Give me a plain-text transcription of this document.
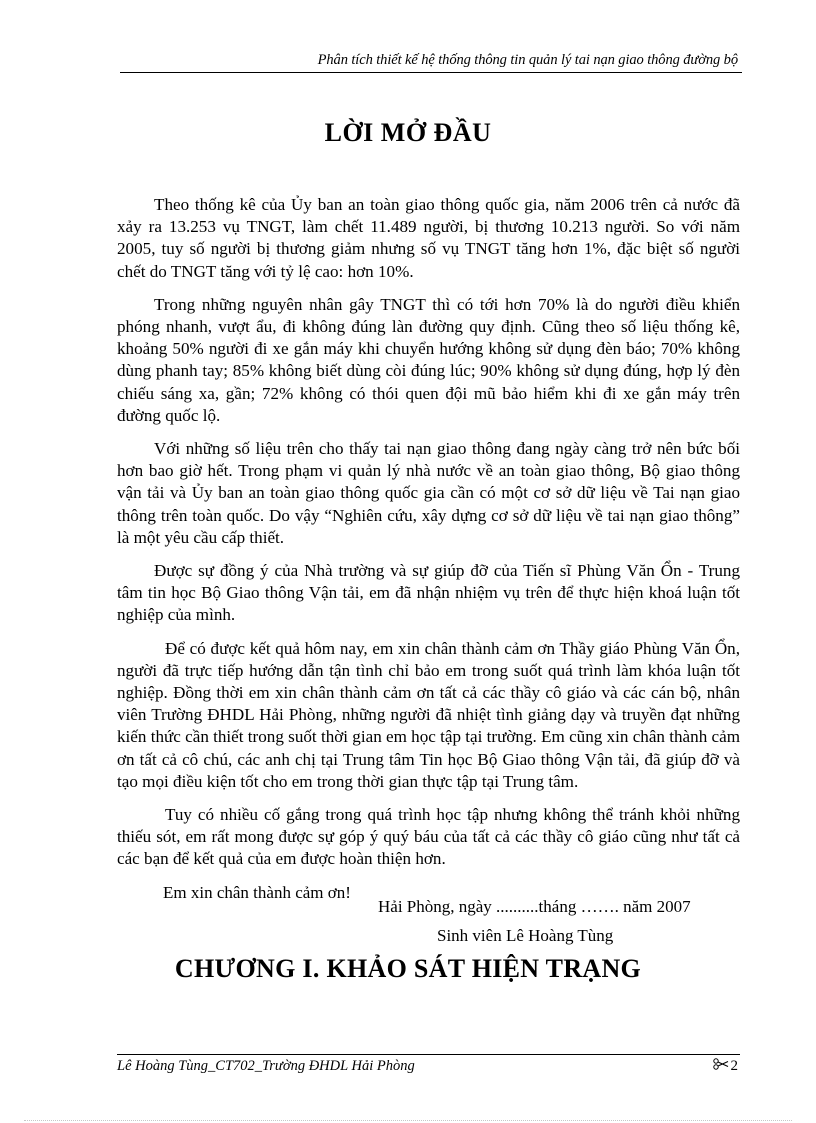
Phân tích thiết kế hệ thống thông tin quản lý tai nạn giao thông đường bộ
LỜI MỞ ĐẦU

Theo thống kê của Ủy ban an toàn giao thông quốc gia, năm 2006 trên cả nước đã xảy ra 13.253 vụ TNGT, làm chết 11.489 người, bị thương 10.213 người. So với năm 2005, tuy số người bị thương giảm nhưng số vụ TNGT tăng hơn 1%, đặc biệt số người chết do TNGT tăng với tỷ lệ cao: hơn 10%.

Trong những nguyên nhân gây TNGT thì có tới hơn 70% là do người điều khiển phóng nhanh, vượt ẩu, đi không đúng làn đường quy định. Cũng theo số liệu thống kê, khoảng 50% người đi xe gắn máy khi chuyển hướng không sử dụng đèn báo; 70% không dùng phanh tay; 85% không biết dùng còi đúng lúc; 90% không sử dụng đúng, hợp lý đèn chiếu sáng xa, gần; 72% không có thói quen đội mũ bảo hiểm khi đi xe gắn máy trên đường quốc lộ.

Với những số liệu trên cho thấy tai nạn giao thông đang ngày càng trở nên bức bối hơn bao giờ hết. Trong phạm vi quản lý nhà nước về an toàn giao thông, Bộ giao thông vận tải và Ủy ban an toàn giao thông quốc gia cần có một cơ sở dữ liệu về Tai nạn giao thông trên toàn quốc. Do vậy “Nghiên cứu, xây dựng cơ sở dữ liệu về tai nạn giao thông” là một yêu cầu cấp thiết.

Được sự đồng ý của Nhà trường và sự giúp đỡ của Tiến sĩ Phùng Văn Ổn - Trung tâm tin học Bộ Giao thông Vận tải, em đã nhận nhiệm vụ trên để thực hiện khoá luận tốt nghiệp của mình.

Để có được kết quả hôm nay, em xin chân thành cảm ơn Thầy giáo Phùng Văn Ổn, người đã trực tiếp hướng dẫn tận tình chỉ bảo em trong suốt quá trình làm khóa luận tốt nghiệp. Đồng thời em xin chân thành cảm ơn tất cả các thầy cô giáo và các cán bộ, nhân viên Trường ĐHDL Hải Phòng, những người đã nhiệt tình giảng dạy và truyền đạt những kiến thức cần thiết trong suốt thời gian em học tập tại trường. Em cũng xin chân thành cảm ơn tất cả cô chú, các anh chị tại Trung tâm Tin học Bộ Giao thông Vận tải, đã giúp đỡ và tạo mọi điều kiện tốt cho em trong thời gian thực tập tại Trung tâm.

Tuy có nhiều cố gắng trong quá trình học tập nhưng không thể tránh khỏi những thiếu sót, em rất mong được sự góp ý quý báu của tất cả các thầy cô giáo cũng như tất cả các bạn để kết quả của em được hoàn thiện hơn.

Em xin chân thành cảm ơn!

Hải Phòng, ngày ..........tháng ……. năm 2007
Sinh viên Lê Hoàng Tùng
CHƯƠNG I. KHẢO SÁT HIỆN TRẠNG
Lê Hoàng Tùng_CT702_Trường ĐHDL Hải Phòng	2
